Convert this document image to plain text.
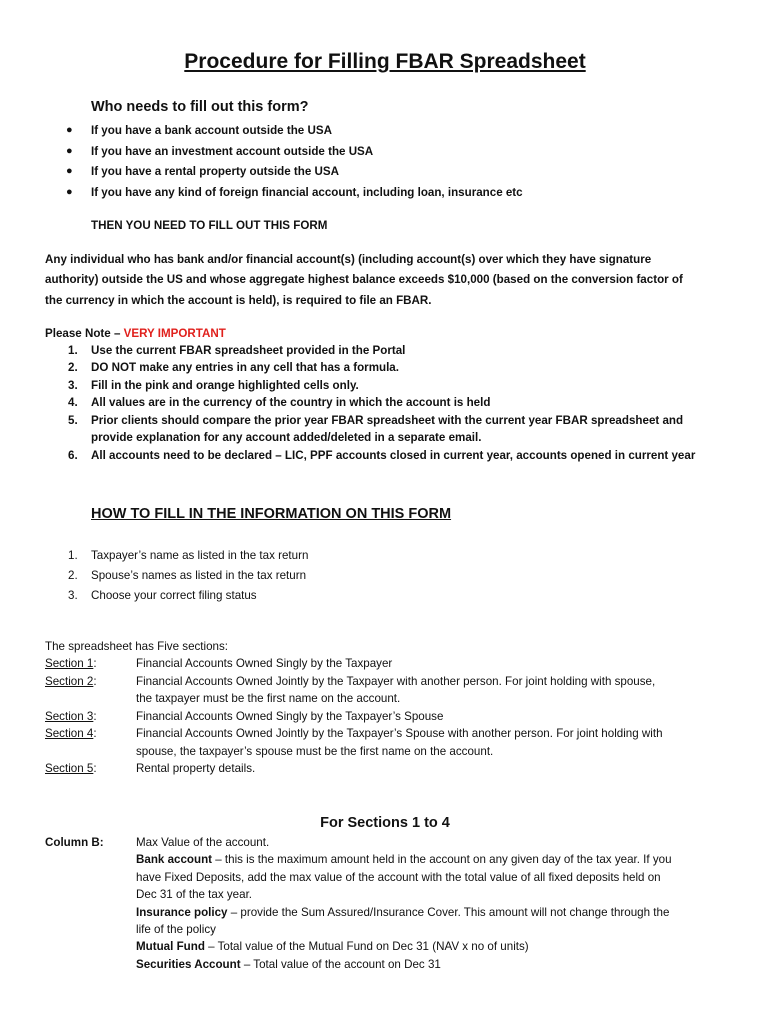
Procedure for Filling FBAR Spreadsheet
Who needs to fill out this form?
● If you have a bank account outside the USA
● If you have an investment account outside the USA
● If you have a rental property outside the USA
● If you have any kind of foreign financial account, including loan, insurance etc
THEN YOU NEED TO FILL OUT THIS FORM
Any individual who has bank and/or financial account(s) (including account(s) over which they have signature
authority) outside the US and whose aggregate highest balance exceeds $10,000 (based on the conversion factor of
the currency in which the account is held), is required to file an FBAR.
Please Note – VERY IMPORTANT
1. Use the current FBAR spreadsheet provided in the Portal
2. DO NOT make any entries in any cell that has a formula.
3. Fill in the pink and orange highlighted cells only.
4. All values are in the currency of the country in which the account is held
5. Prior clients should compare the prior year FBAR spreadsheet with the current year FBAR spreadsheet and
provide explanation for any account added/deleted in a separate email.
6. All accounts need to be declared – LIC, PPF accounts closed in current year, accounts opened in current year
HOW TO FILL IN THE INFORMATION ON THIS FORM
1. Taxpayer’s name as listed in the tax return
2. Spouse’s names as listed in the tax return
3. Choose your correct filing status
The spreadsheet has Five sections:
Section 1:	Financial Accounts Owned Singly by the Taxpayer
Section 2:	Financial Accounts Owned Jointly by the Taxpayer with another person. For joint holding with spouse,
the taxpayer must be the first name on the account.
Section 3:	Financial Accounts Owned Singly by the Taxpayer’s Spouse
Section 4:	Financial Accounts Owned Jointly by the Taxpayer’s Spouse with another person. For joint holding with
spouse, the taxpayer’s spouse must be the first name on the account.
Section 5:	Rental property details.
For Sections 1 to 4
Column B:	Max Value of the account.
Bank account – this is the maximum amount held in the account on any given day of the tax year. If you
have Fixed Deposits, add the max value of the account with the total value of all fixed deposits held on
Dec 31 of the tax year.
Insurance policy – provide the Sum Assured/Insurance Cover. This amount will not change through the
life of the policy
Mutual Fund – Total value of the Mutual Fund on Dec 31 (NAV x no of units)
Securities Account – Total value of the account on Dec 31
